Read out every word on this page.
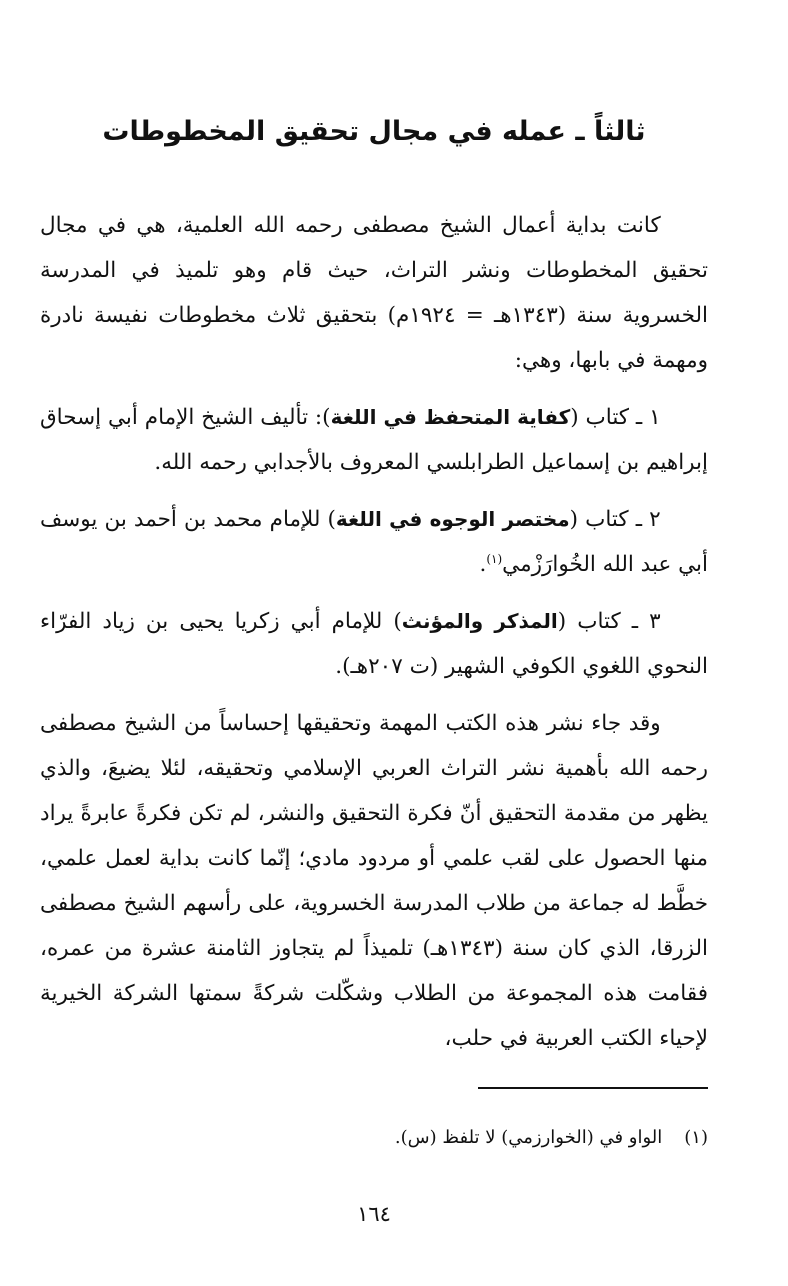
ثالثاً ـ عمله في مجال تحقيق المخطوطات

كانت بداية أعمال الشيخ مصطفى رحمه الله العلمية، هي في مجال تحقيق المخطوطات ونشر التراث، حيث قام وهو تلميذ في المدرسة الخسروية سنة (١٣٤٣هـ = ١٩٢٤م) بتحقيق ثلاث مخطوطات نفيسة نادرة ومهمة في بابها، وهي:

١ ـ كتاب (كفاية المتحفظ في اللغة): تأليف الشيخ الإمام أبي إسحاق إبراهيم بن إسماعيل الطرابلسي المعروف بالأجدابي رحمه الله.

٢ ـ كتاب (مختصر الوجوه في اللغة) للإمام محمد بن أحمد بن يوسف أبي عبد الله الخُوارَزْمي$^{(١)}$.

٣ ـ كتاب (المذكر والمؤنث) للإمام أبي زكريا يحيى بن زياد الفرّاء النحوي اللغوي الكوفي الشهير (ت ٢٠٧هـ).

وقد جاء نشر هذه الكتب المهمة وتحقيقها إحساساً من الشيخ مصطفى رحمه الله بأهمية نشر التراث العربي الإسلامي وتحقيقه، لئلا يضيعَ، والذي يظهر من مقدمة التحقيق أنّ فكرة التحقيق والنشر، لم تكن فكرةً عابرةً يراد منها الحصول على لقب علمي أو مردود مادي؛ إنّما كانت بداية لعمل علمي، خطَّط له جماعة من طلاب المدرسة الخسروية، على رأسهم الشيخ مصطفى الزرقا، الذي كان سنة (١٣٤٣هـ) تلميذاً لم يتجاوز الثامنة عشرة من عمره، فقامت هذه المجموعة من الطلاب وشكّلت شركةً سمتها الشركة الخيرية لإحياء الكتب العربية في حلب،

(١)الواو في (الخوارزمي) لا تلفظ (س).
١٦٤
